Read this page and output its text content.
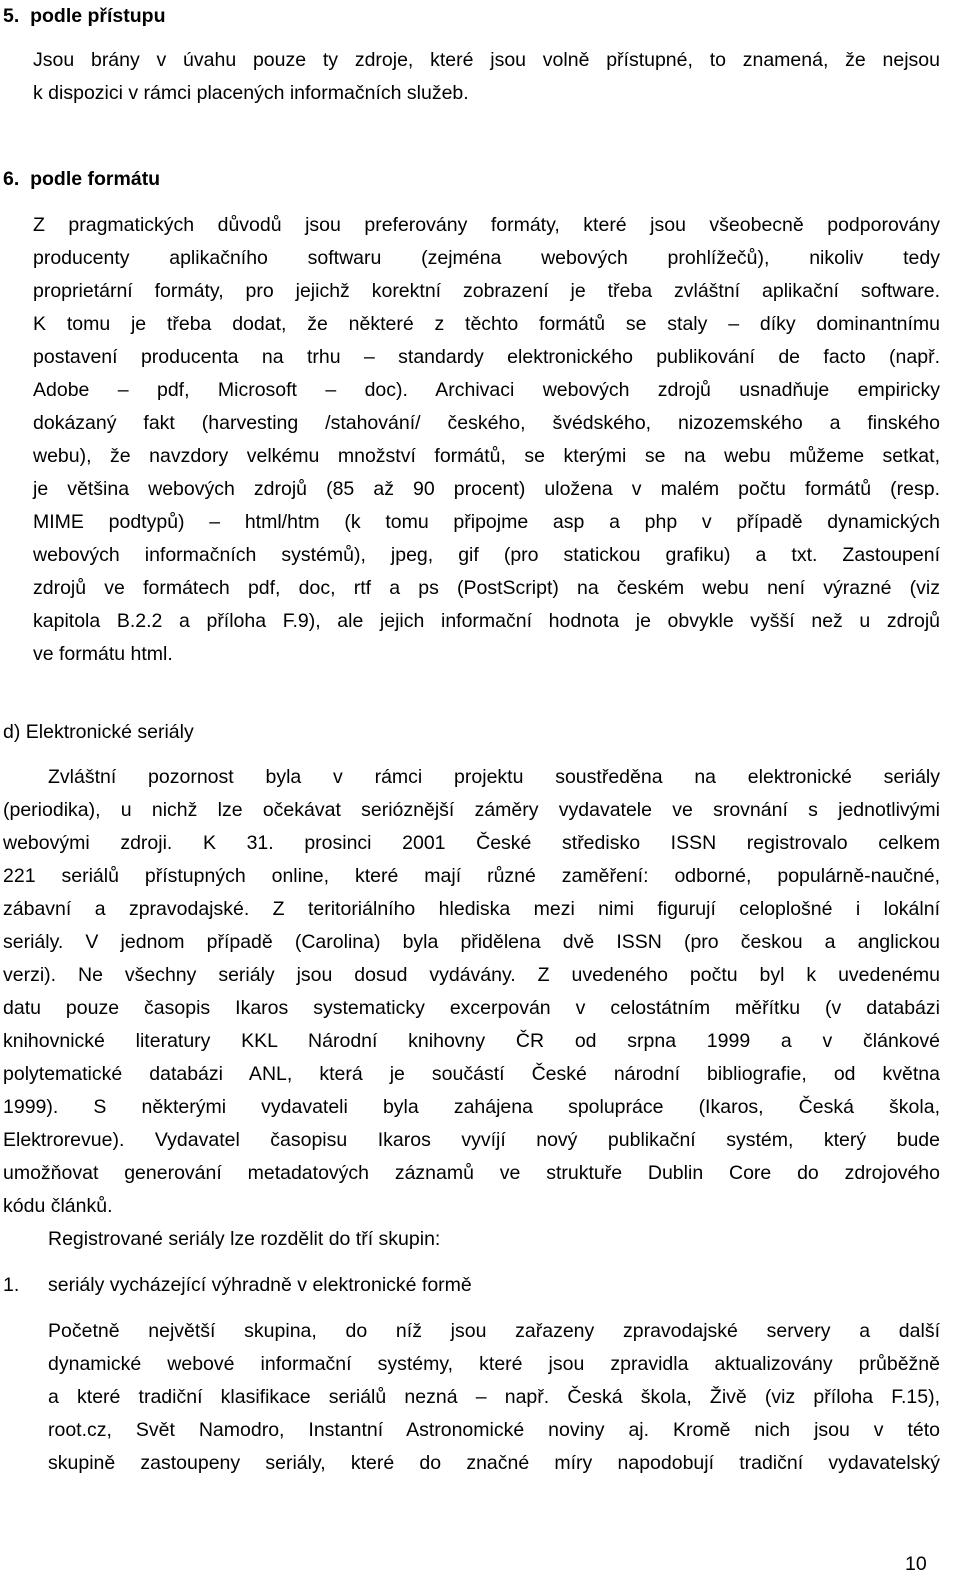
5.  podle přístupu
Jsou brány v úvahu pouze ty zdroje, které jsou volně přístupné, to znamená, že nejsou
k dispozici v rámci placených informačních služeb.
6.  podle formátu
Z pragmatických důvodů jsou preferovány formáty, které jsou všeobecně podporovány
producenty aplikačního softwaru (zejména webových prohlížečů), nikoliv tedy
proprietární formáty, pro jejichž korektní zobrazení je třeba zvláštní aplikační software.
K tomu je třeba dodat, že některé z těchto formátů se staly – díky dominantnímu
postavení producenta na trhu – standardy elektronického publikování de facto (např.
Adobe – pdf, Microsoft – doc). Archivaci webových zdrojů usnadňuje empiricky
dokázaný fakt (harvesting /stahování/ českého, švédského, nizozemského a finského
webu), že navzdory velkému množství formátů, se kterými se na webu můžeme setkat,
je většina webových zdrojů (85 až 90 procent) uložena v malém počtu formátů (resp.
MIME podtypů) – html/htm (k tomu připojme asp a php v případě dynamických
webových informačních systémů), jpeg, gif (pro statickou grafiku) a txt. Zastoupení
zdrojů ve formátech pdf, doc, rtf a ps (PostScript) na českém webu není výrazné (viz
kapitola B.2.2 a příloha F.9), ale jejich informační hodnota je obvykle vyšší než u zdrojů
ve formátu html.
d) Elektronické seriály
Zvláštní pozornost byla v rámci projektu soustředěna na elektronické seriály
(periodika), u nichž lze očekávat serióznější záměry vydavatele ve srovnání s jednotlivými
webovými zdroji. K 31. prosinci 2001 České středisko ISSN registrovalo celkem
221 seriálů přístupných online, které mají různé zaměření: odborné, populárně-naučné,
zábavní a zpravodajské. Z teritoriálního hlediska mezi nimi figurují celoplošné i lokální
seriály. V jednom případě (Carolina) byla přidělena dvě ISSN (pro českou a anglickou
verzi). Ne všechny seriály jsou dosud vydávány. Z uvedeného počtu byl k uvedenému
datu pouze časopis Ikaros systematicky excerpován v celostátním měřítku (v databázi
knihovnické literatury KKL Národní knihovny ČR od srpna 1999 a v článkové
polytematické databázi ANL, která je součástí České národní bibliografie, od května
1999). S některými vydavateli byla zahájena spolupráce (Ikaros, Česká škola,
Elektrorevue). Vydavatel časopisu Ikaros vyvíjí nový publikační systém, který bude
umožňovat generování metadatových záznamů ve struktuře Dublin Core do zdrojového
kódu článků.
Registrované seriály lze rozdělit do tří skupin:
1. seriály vycházející výhradně v elektronické formě
Početně největší skupina, do níž jsou zařazeny zpravodajské servery a další
dynamické webové informační systémy, které jsou zpravidla aktualizovány průběžně
a které tradiční klasifikace seriálů nezná – např. Česká škola, Živě (viz příloha F.15),
root.cz, Svět Namodro, Instantní Astronomické noviny aj. Kromě nich jsou v této
skupině zastoupeny seriály, které do značné míry napodobují tradiční vydavatelský
10
